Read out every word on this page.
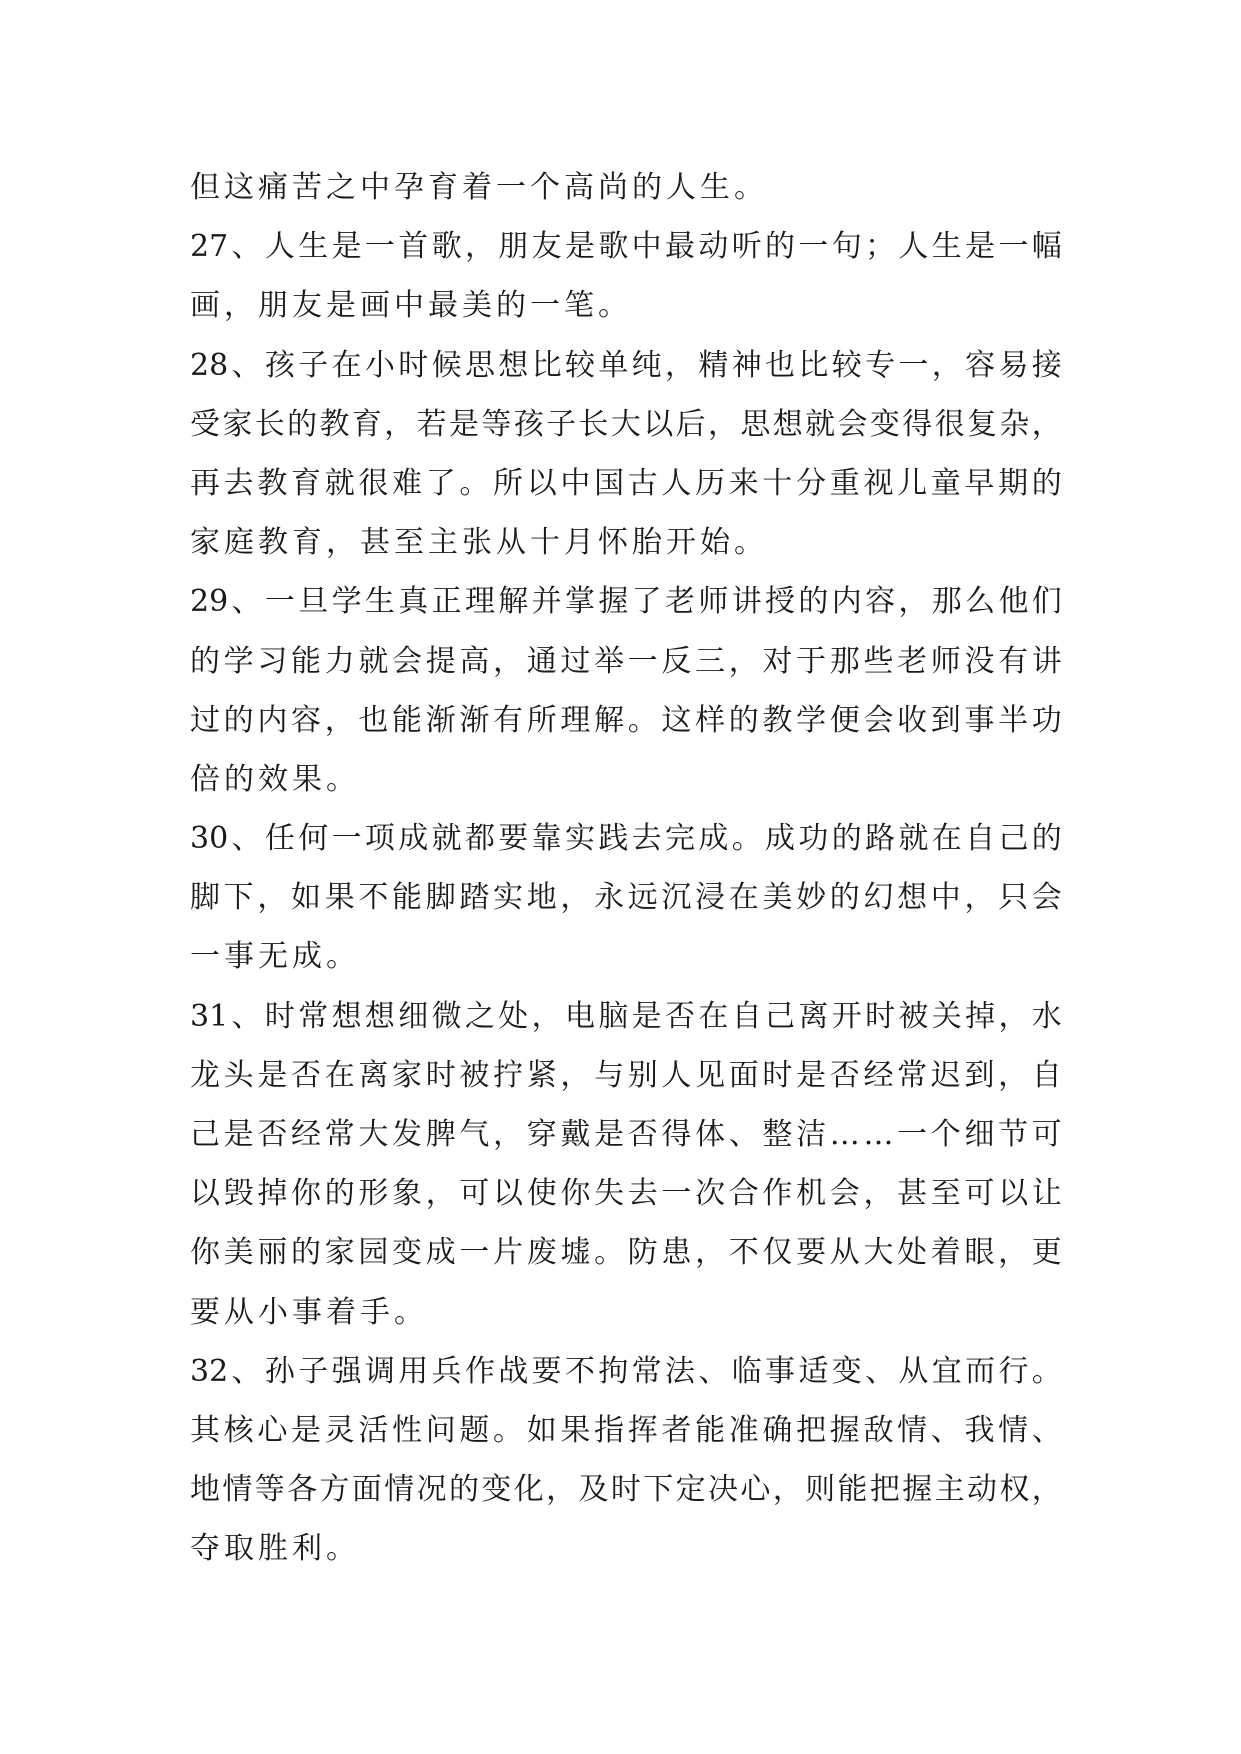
但这痛苦之中孕育着一个高尚的人生。
27 、 人 生 是 一 首 歌 ， 朋 友 是 歌 中 最 动 听 的 一 句 ； 人 生 是 一 幅
画，朋友是画中最美的一笔。
28 、 孩 子 在 小 时 候 思 想 比 较 单 纯 ， 精 神 也 比 较 专 一 ， 容 易 接
受 家 长 的 教 育 ， 若 是 等 孩 子 长 大 以 后 ， 思 想 就 会 变 得 很 复 杂 ，
再 去 教 育 就 很 难 了 。 所 以 中 国 古 人 历 来 十 分 重 视 儿 童 早 期 的
家庭教育，甚至主张从十月怀胎开始。
29 、 一 旦 学 生 真 正 理 解 并 掌 握 了 老 师 讲 授 的 内 容 ， 那 么 他 们
的 学 习 能 力 就 会 提 高 ， 通 过 举 一 反 三 ， 对 于 那 些 老 师 没 有 讲
过 的 内 容 ， 也 能 渐 渐 有 所 理 解 。 这 样 的 教 学 便 会 收 到 事 半 功
倍的效果。
30 、 任 何 一 项 成 就 都 要 靠 实 践 去 完 成 。 成 功 的 路 就 在 自 己 的
脚 下 ， 如 果 不 能 脚 踏 实 地 ， 永 远 沉 浸 在 美 妙 的 幻 想 中 ， 只 会
一事无成。
31 、 时 常 想 想 细 微 之 处 ， 电 脑 是 否 在 自 己 离 开 时 被 关 掉 ， 水
龙 头 是 否 在 离 家 时 被 拧 紧 ， 与 别 人 见 面 时 是 否 经 常 迟 到 ， 自
己 是 否 经 常 大 发 脾 气 ， 穿 戴 是 否 得 体 、 整 洁 … … 一 个 细 节 可
以 毁 掉 你 的 形 象 ， 可 以 使 你 失 去 一 次 合 作 机 会 ， 甚 至 可 以 让
你 美 丽 的 家 园 变 成 一 片 废 墟 。 防 患 ， 不 仅 要 从 大 处 着 眼 ， 更
要从小事着手。
32 、 孙 子 强 调 用 兵 作 战 要 不 拘 常 法 、 临 事 适 变 、 从 宜 而 行 。
其 核 心 是 灵 活 性 问 题 。 如 果 指 挥 者 能 准 确 把 握 敌 情 、 我 情 、
地 情 等 各 方 面 情 况 的 变 化 ， 及 时 下 定 决 心 ， 则 能 把 握 主 动 权 ，
夺取胜利。
